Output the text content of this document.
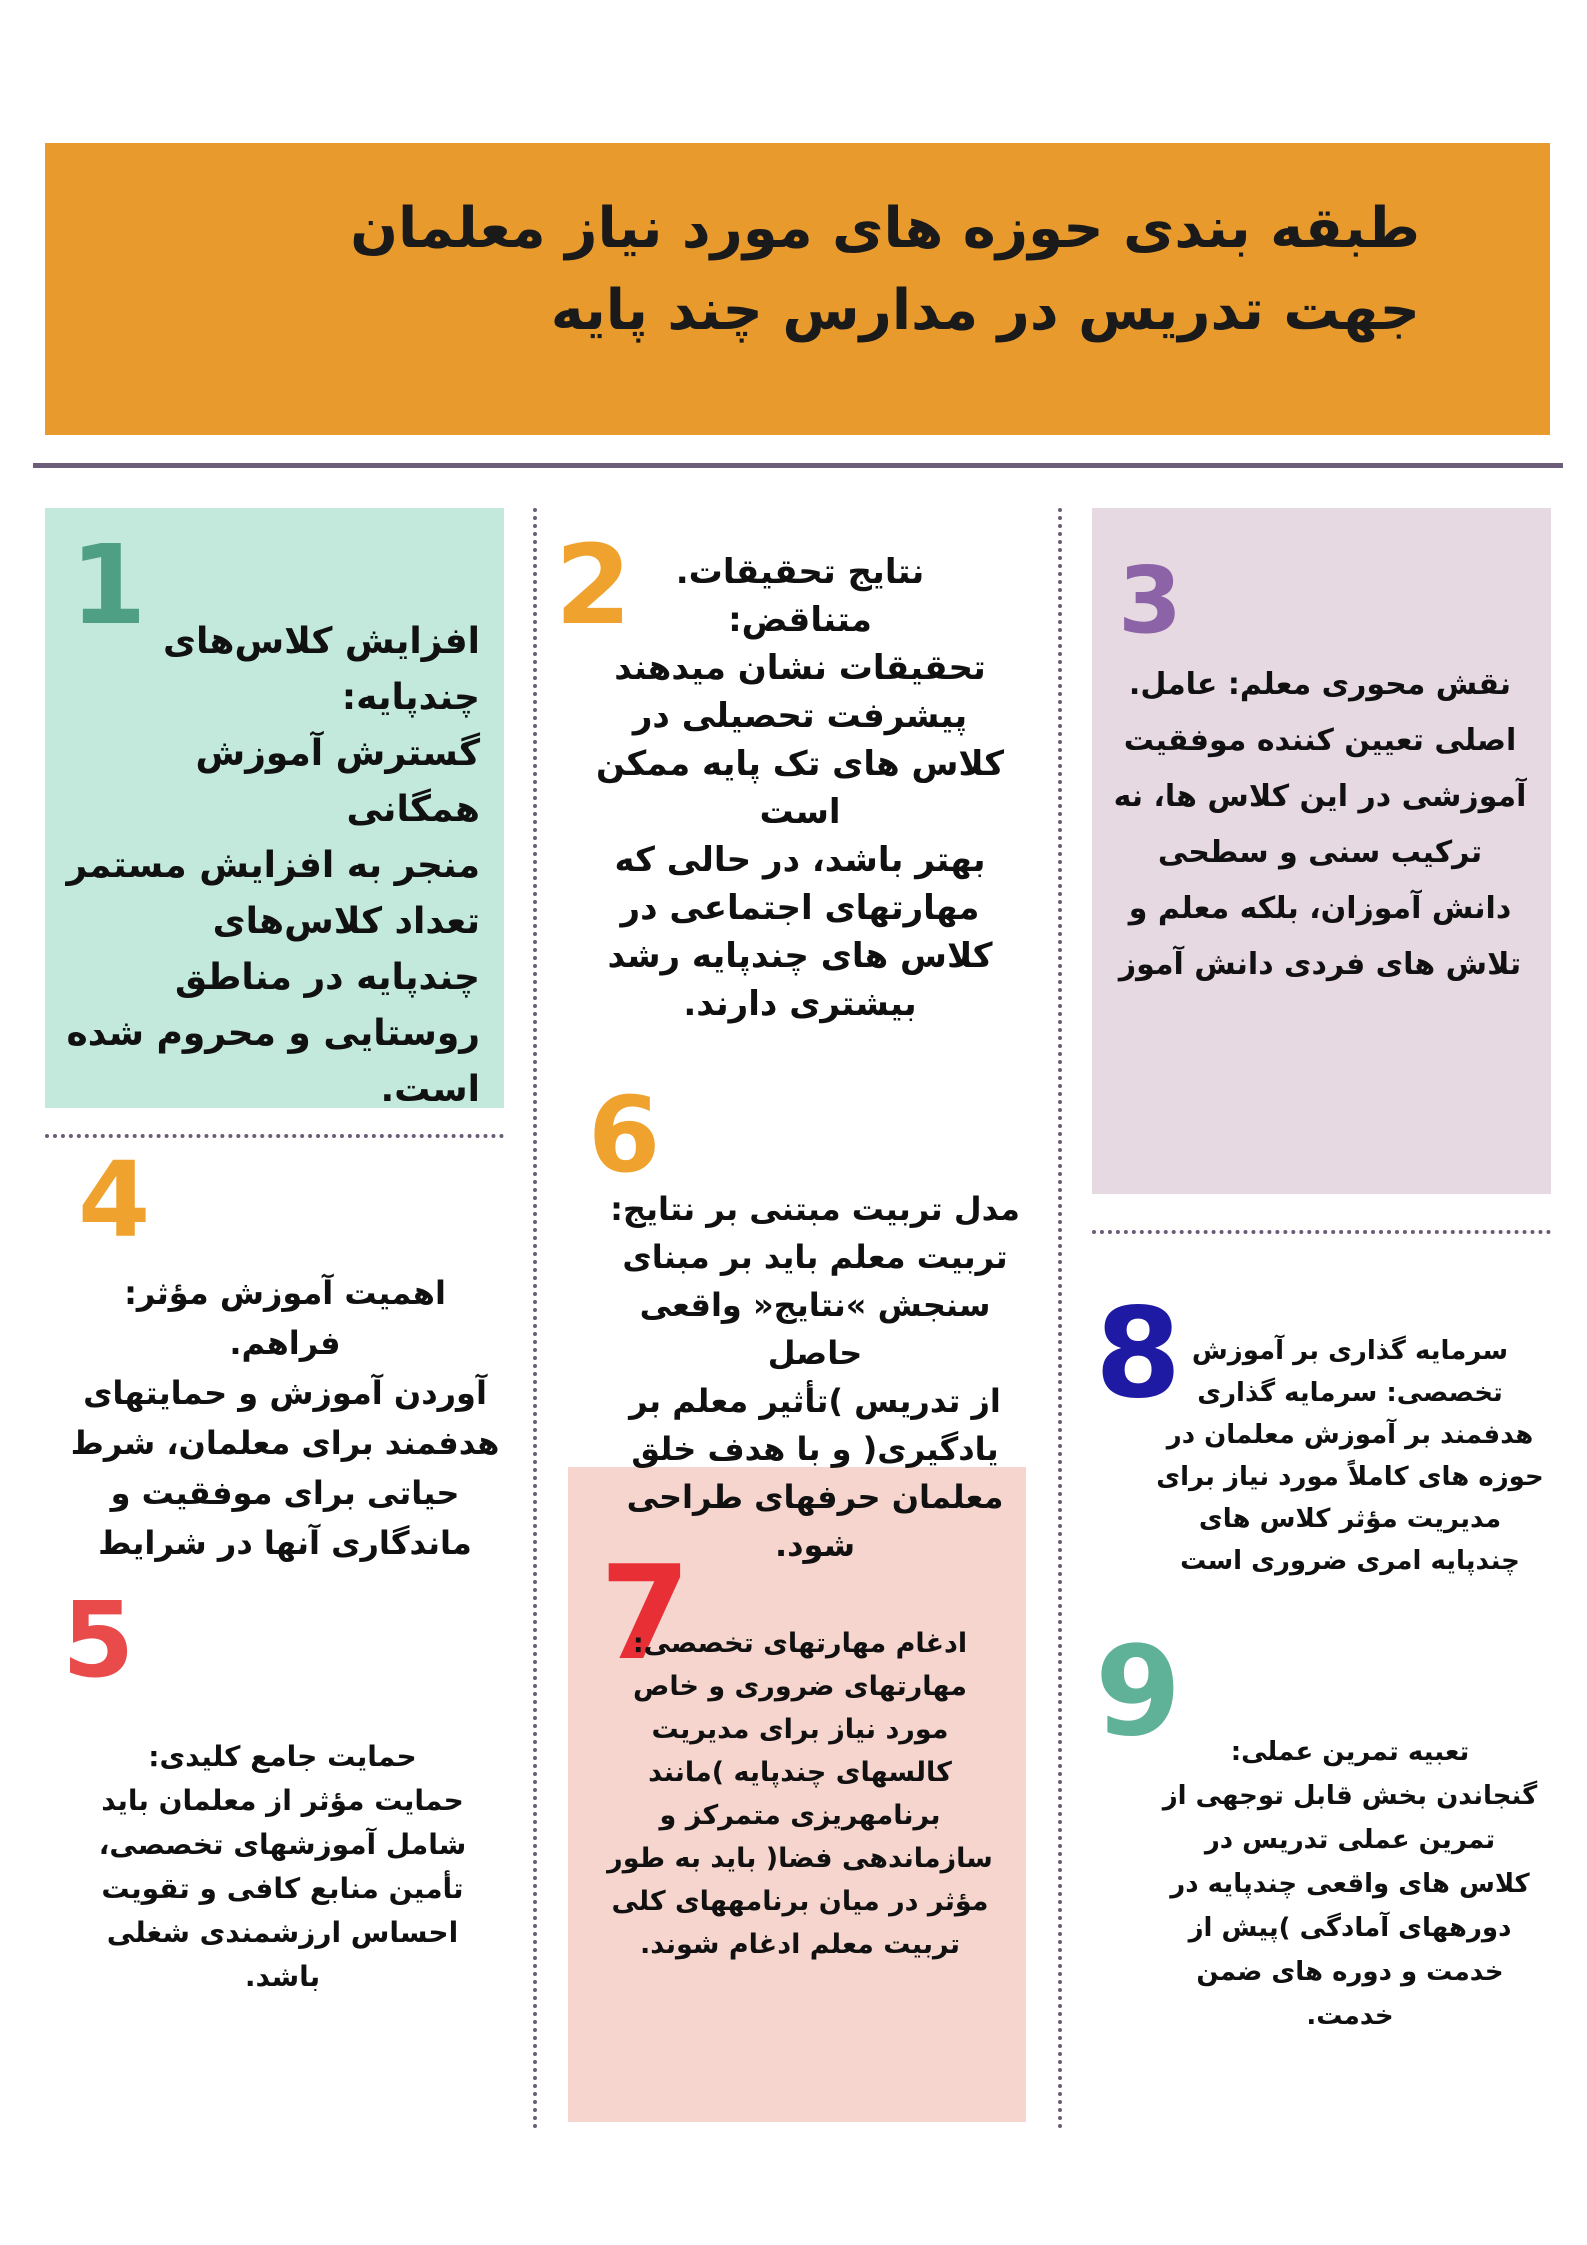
طبقه بندی حوزه های مورد نیاز معلمان
جهت تدریس در مدارس چند پایه
1 افزایش کلاس‌های
چندپایه:
گسترش آموزش همگانی
منجر به افزایش مستمر
تعداد کلاس‌های
چندپایه در مناطق
روستایی و محروم شده
است.
2	نتایج تحقیقات.
متناقض:
تحقیقات نشان میدهند
پیشرفت تحصیلی در
کلاس های تک پایه ممکن
است
بهتر باشد، در حالی که
مهارتهای اجتماعی در
کلاس های چندپایه رشد
بیشتری دارند.
3
نقش محوری معلم: عامل.
اصلی تعیین کننده موفقیت
آموزشی در این کلاس ها، نه
ترکیب سنی و سطحی
دانش آموزان، بلکه معلم و
تلاش های فردی دانش آموز
4
اهمیت آموزش مؤثر: فراهم.
آوردن آموزش و حمایتهای
هدفمند برای معلمان، شرط
حیاتی برای موفقیت و
ماندگاری آنها در شرایط
5
حمایت جامع کلیدی:
حمایت مؤثر از معلمان باید
شامل آموزشهای تخصصی،
تأمین منابع کافی و تقویت
احساس ارزشمندی شغلی
باشد.
6
مدل تربیت مبتنی بر نتایج:
تربیت معلم باید بر مبنای
سنجش »نتایج« واقعی
حاصل
از تدریس )تأثیر معلم بر
یادگیری( و با هدف خلق
معلمان حرفهای طراحی
شود.
7
ادغام مهارتهای تخصصی:
مهارتهای ضروری و خاص
مورد نیاز برای مدیریت
کالسهای چندپایه )مانند
برنامهریزی متمرکز و
سازماندهی فضا( باید به طور
مؤثر در میان برنامههای کلی
تربیت معلم ادغام شوند.
8 سرمایه گذاری بر آموزش
تخصصی: سرمایه گذاری
هدفمند بر آموزش معلمان در
حوزه های کاملاً مورد نیاز برای
مدیریت مؤثر کلاس های
چندپایه امری ضروری است
9	تعبیه تمرین عملی:
گنجاندن بخش قابل توجهی از
تمرین عملی تدریس در
کلاس های واقعی چندپایه در
دورههای آمادگی )پیش از
خدمت و دوره های ضمن
خدمت.
